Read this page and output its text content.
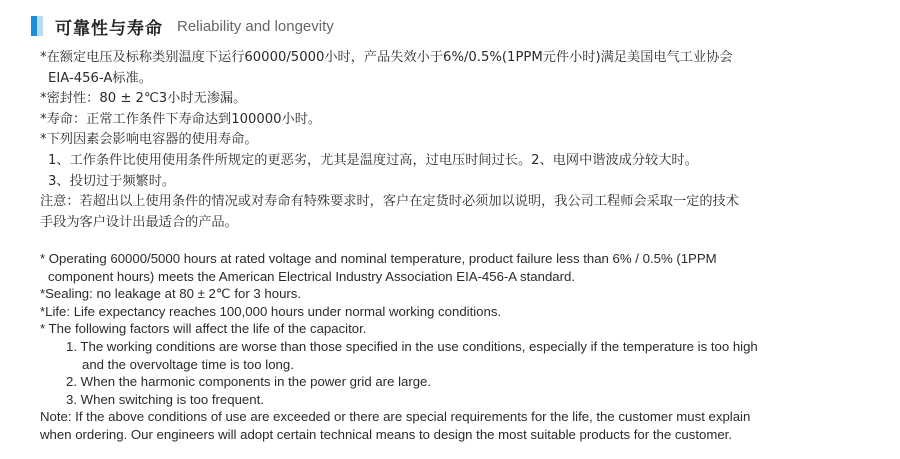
可靠性与寿命 Reliability and longevity
*在额定电压及标称类别温度下运行60000/5000小时，产品失效小于6%/0.5%(1PPM元件小时)满足美国电气工业协会
EIA-456-A标准。
*密封性：80 ± 2℃3小时无渗漏。
*寿命：正常工作条件下寿命达到100000小时。
*下列因素会影响电容器的使用寿命。
1、工作条件比使用使用条件所规定的更恶劣，尤其是温度过高，过电压时间过长。2、电网中谐波成分较大时。
3、投切过于频繁时。
注意：若超出以上使用条件的情况或对寿命有特殊要求时，客户在定货时必须加以说明，我公司工程师会采取一定的技术
手段为客户设计出最适合的产品。
* Operating 60000/5000 hours at rated voltage and nominal temperature, product failure less than 6% / 0.5% (1PPM
component hours) meets the American Electrical Industry Association EIA-456-A standard.
*Sealing: no leakage at 80 ± 2℃ for 3 hours.
*Life: Life expectancy reaches 100,000 hours under normal working conditions.
* The following factors will affect the life of the capacitor.
1. The working conditions are worse than those specified in the use conditions, especially if the temperature is too high
and the overvoltage time is too long.
2. When the harmonic components in the power grid are large.
3. When switching is too frequent.
Note: If the above conditions of use are exceeded or there are special requirements for the life, the customer must explain
when ordering. Our engineers will adopt certain technical means to design the most suitable products for the customer.
